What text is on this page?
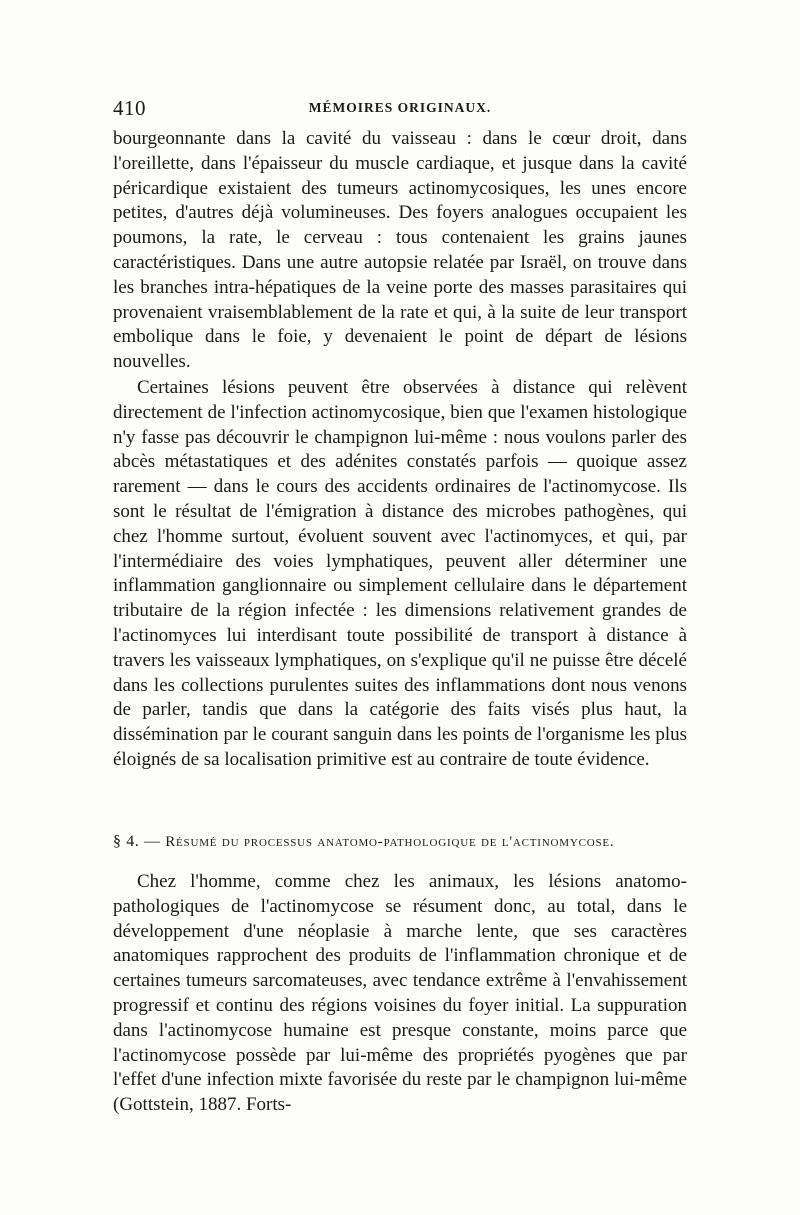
410	MÉMOIRES ORIGINAUX.

bourgeonnante dans la cavité du vaisseau : dans le cœur droit, dans l'oreillette, dans l'épaisseur du muscle cardiaque, et jusque dans la cavité péricardique existaient des tumeurs actinomycosiques, les unes encore petites, d'autres déjà volumineuses. Des foyers analogues occupaient les poumons, la rate, le cerveau : tous contenaient les grains jaunes caractéristiques. Dans une autre autopsie relatée par Israël, on trouve dans les branches intra-hépatiques de la veine porte des masses parasitaires qui provenaient vraisemblablement de la rate et qui, à la suite de leur transport embolique dans le foie, y devenaient le point de départ de lésions nouvelles.

Certaines lésions peuvent être observées à distance qui relèvent directement de l'infection actinomycosique, bien que l'examen histologique n'y fasse pas découvrir le champignon lui-même : nous voulons parler des abcès métastatiques et des adénites constatés parfois — quoique assez rarement — dans le cours des accidents ordinaires de l'actinomycose. Ils sont le résultat de l'émigration à distance des microbes pathogènes, qui chez l'homme surtout, évoluent souvent avec l'actinomyces, et qui, par l'intermédiaire des voies lymphatiques, peuvent aller déterminer une inflammation ganglionnaire ou simplement cellulaire dans le département tributaire de la région infectée : les dimensions relativement grandes de l'actinomyces lui interdisant toute possibilité de transport à distance à travers les vaisseaux lymphatiques, on s'explique qu'il ne puisse être décelé dans les collections purulentes suites des inflammations dont nous venons de parler, tandis que dans la catégorie des faits visés plus haut, la dissémination par le courant sanguin dans les points de l'organisme les plus éloignés de sa localisation primitive est au contraire de toute évidence.

§ 4. — Résumé du processus anatomo-pathologique de l'actinomycose.

Chez l'homme, comme chez les animaux, les lésions anatomo-pathologiques de l'actinomycose se résument donc, au total, dans le développement d'une néoplasie à marche lente, que ses caractères anatomiques rapprochent des produits de l'inflammation chronique et de certaines tumeurs sarcomateuses, avec tendance extrême à l'envahissement progressif et continu des régions voisines du foyer initial. La suppuration dans l'actinomycose humaine est presque constante, moins parce que l'actinomycose possède par lui-même des propriétés pyogènes que par l'effet d'une infection mixte favorisée du reste par le champignon lui-même (Gottstein, 1887. Forts-
